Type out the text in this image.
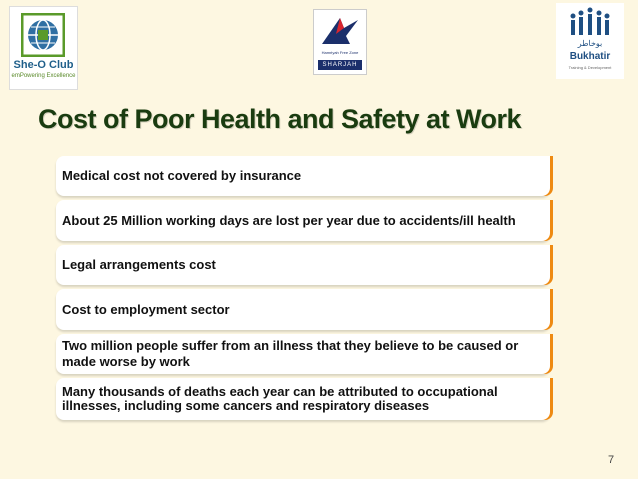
She-O Club
emPowering Excellence
Hamriyah Free Zone
SHARJAH
بوخاطر
Bukhatir
Training & Development
Cost of Poor Health and Safety at Work
Medical cost not covered by insurance
About 25 Million working days are lost per year due to accidents/ill health
Legal arrangements cost
Cost to employment sector
Two million people suffer from an illness that they believe to be caused or made worse by work
Many thousands of deaths each year can be attributed to occupational illnesses, including some cancers and respiratory diseases
7
